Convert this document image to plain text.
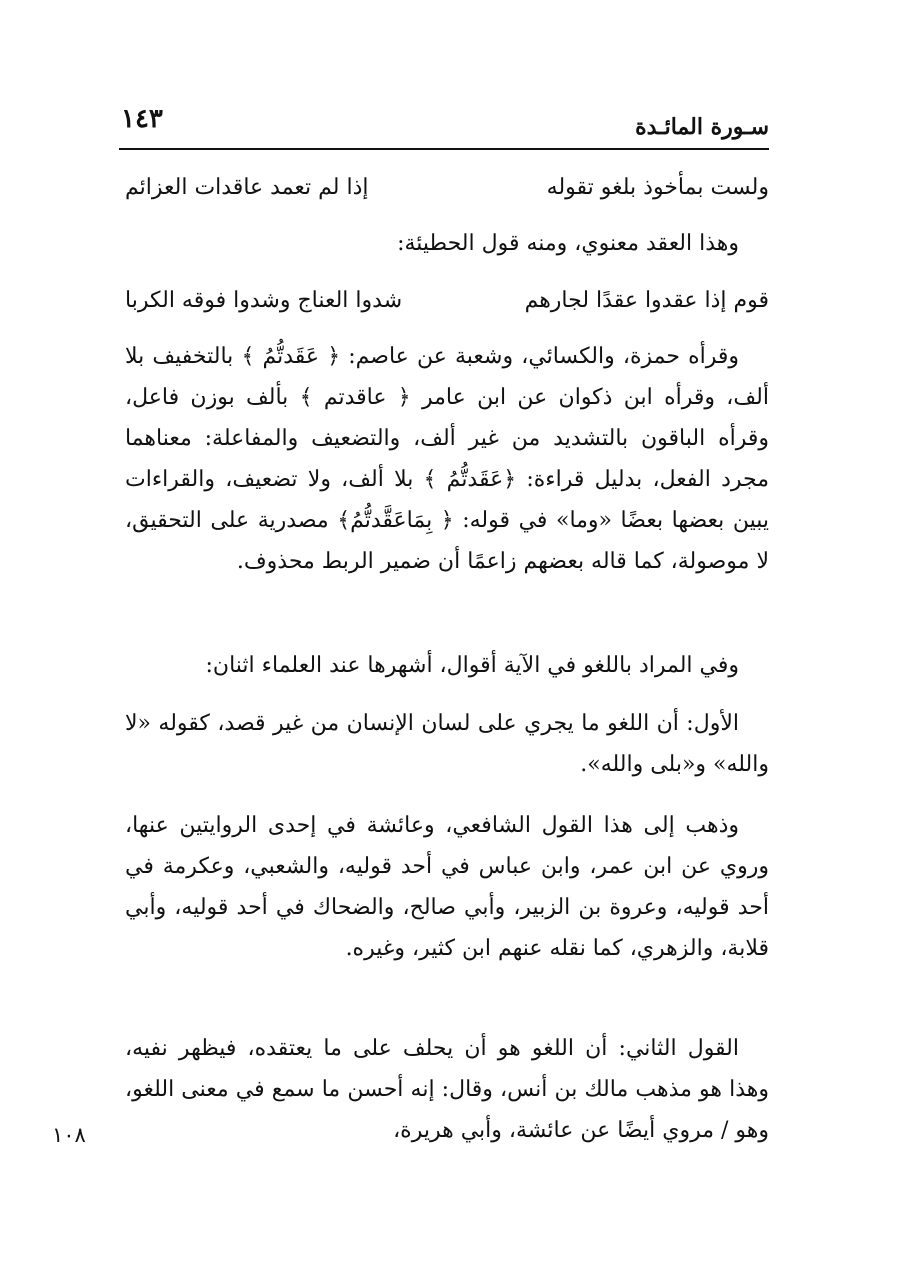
سـورة المائـدة
١٤٣
ولست بمأخوذ بلغو تقوله
إذا لم تعمد عاقدات العزائم

وهذا العقد معنوي، ومنه قول الحطيئة:

قوم إذا عقدوا عقدًا لجارهم
شدوا العناج وشدوا فوقه الكربا

وقرأه حمزة، والكسائي، وشعبة عن عاصم: ﴿ عَقَدتُّمُ ﴾ بالتخفيف بلا ألف، وقرأه ابن ذكوان عن ابن عامر ﴿ عاقدتم ﴾ بألف بوزن فاعل، وقرأه الباقون بالتشديد من غير ألف، والتضعيف والمفاعلة: معناهما مجرد الفعل، بدليل قراءة: ﴿عَقَدتُّمُ ﴾ بلا ألف، ولا تضعيف، والقراءات يبين بعضها بعضًا «وما» في قوله: ﴿ بِمَاعَقَّدتُّمُ﴾ مصدرية على التحقيق، لا موصولة، كما قاله بعضهم زاعمًا أن ضمير الربط محذوف.

وفي المراد باللغو في الآية أقوال، أشهرها عند العلماء اثنان:

الأول: أن اللغو ما يجري على لسان الإنسان من غير قصد، كقوله «لا والله» و«بلى والله».

وذهب إلى هذا القول الشافعي، وعائشة في إحدى الروايتين عنها، وروي عن ابن عمر، وابن عباس في أحد قوليه، والشعبي، وعكرمة في أحد قوليه، وعروة بن الزبير، وأبي صالح، والضحاك في أحد قوليه، وأبي قلابة، والزهري، كما نقله عنهم ابن كثير، وغيره.

القول الثاني: أن اللغو هو أن يحلف على ما يعتقده، فيظهر نفيه، وهذا هو مذهب مالك بن أنس، وقال: إنه أحسن ما سمع في معنى اللغو، وهو / مروي أيضًا عن عائشة، وأبي هريرة،

١٠٨
